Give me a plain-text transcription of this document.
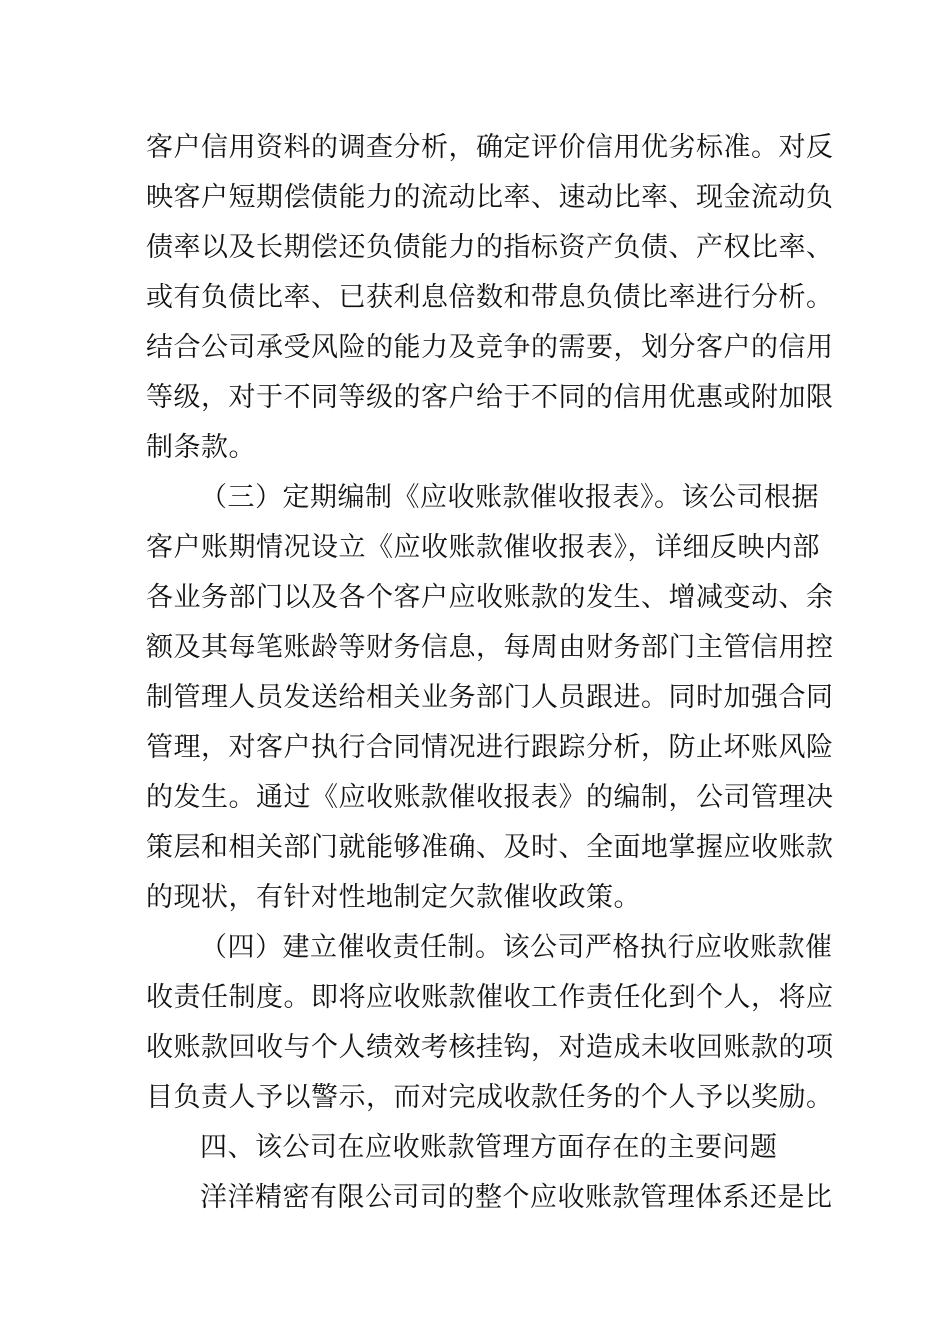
客户信用资料的调查分析，确定评价信用优劣标准。对反
映客户短期偿债能力的流动比率、速动比率、现金流动负
债率以及长期偿还负债能力的指标资产负债、产权比率、
或有负债比率、已获利息倍数和带息负债比率进行分析。
结合公司承受风险的能力及竞争的需要，划分客户的信用
等级，对于不同等级的客户给于不同的信用优惠或附加限
制条款。
（三）定期编制《应收账款催收报表》。该公司根据
客户账期情况设立《应收账款催收报表》，详细反映内部
各业务部门以及各个客户应收账款的发生、增减变动、余
额及其每笔账龄等财务信息，每周由财务部门主管信用控
制管理人员发送给相关业务部门人员跟进。同时加强合同
管理，对客户执行合同情况进行跟踪分析，防止坏账风险
的发生。通过《应收账款催收报表》的编制，公司管理决
策层和相关部门就能够准确、及时、全面地掌握应收账款
的现状，有针对性地制定欠款催收政策。
（四）建立催收责任制。该公司严格执行应收账款催
收责任制度。即将应收账款催收工作责任化到个人，将应
收账款回收与个人绩效考核挂钩，对造成未收回账款的项
目负责人予以警示，而对完成收款任务的个人予以奖励。
四、该公司在应收账款管理方面存在的主要问题
洋洋精密有限公司司的整个应收账款管理体系还是比
